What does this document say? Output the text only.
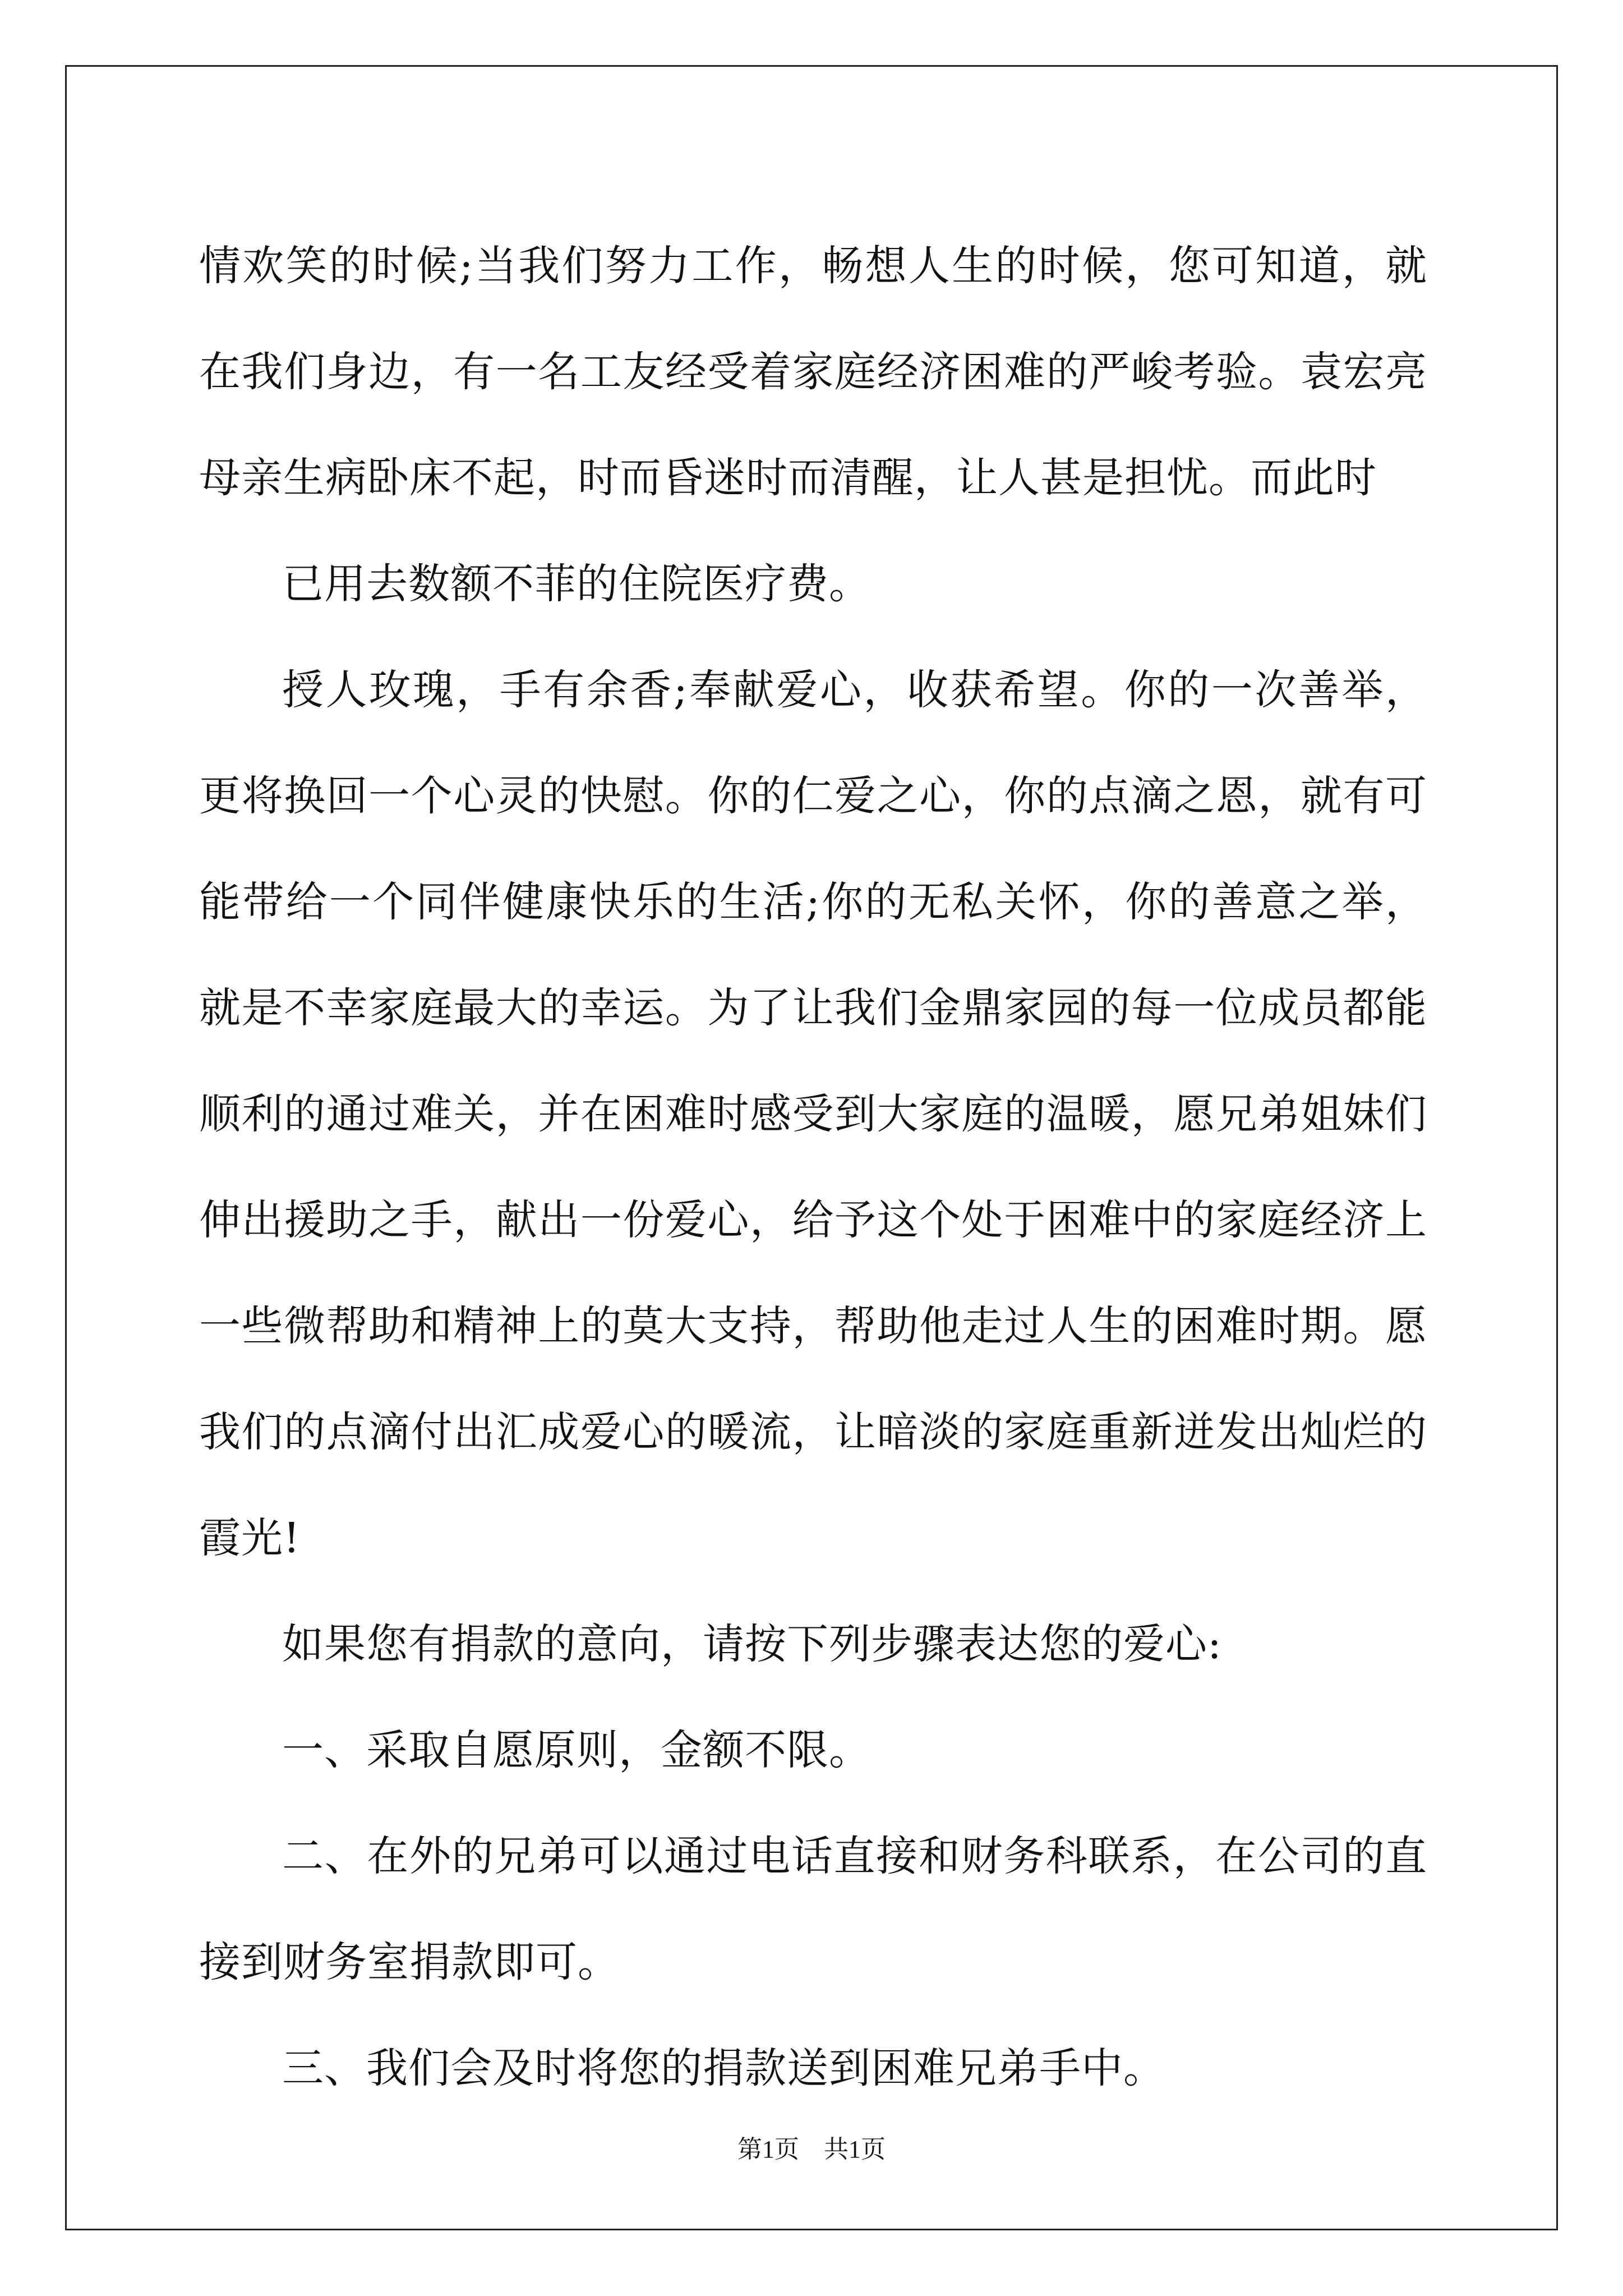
情欢笑的时候;当我们努力工作，畅想人生的时候，您可知道，就在我们身边，有一名工友经受着家庭经济困难的严峻考验。袁宏亮母亲生病卧床不起，时而昏迷时而清醒，让人甚是担忧。而此时

已用去数额不菲的住院医疗费。

授人玫瑰，手有余香;奉献爱心，收获希望。你的一次善举，更将换回一个心灵的快慰。你的仁爱之心，你的点滴之恩，就有可能带给一个同伴健康快乐的生活;你的无私关怀，你的善意之举，就是不幸家庭最大的幸运。为了让我们金鼎家园的每一位成员都能顺利的通过难关，并在困难时感受到大家庭的温暖，愿兄弟姐妹们伸出援助之手，献出一份爱心，给予这个处于困难中的家庭经济上一些微帮助和精神上的莫大支持，帮助他走过人生的困难时期。愿我们的点滴付出汇成爱心的暖流，让暗淡的家庭重新迸发出灿烂的霞光!

如果您有捐款的意向，请按下列步骤表达您的爱心:

一、采取自愿原则，金额不限。

二、在外的兄弟可以通过电话直接和财务科联系，在公司的直接到财务室捐款即可。

三、我们会及时将您的捐款送到困难兄弟手中。

第1页　共1页
